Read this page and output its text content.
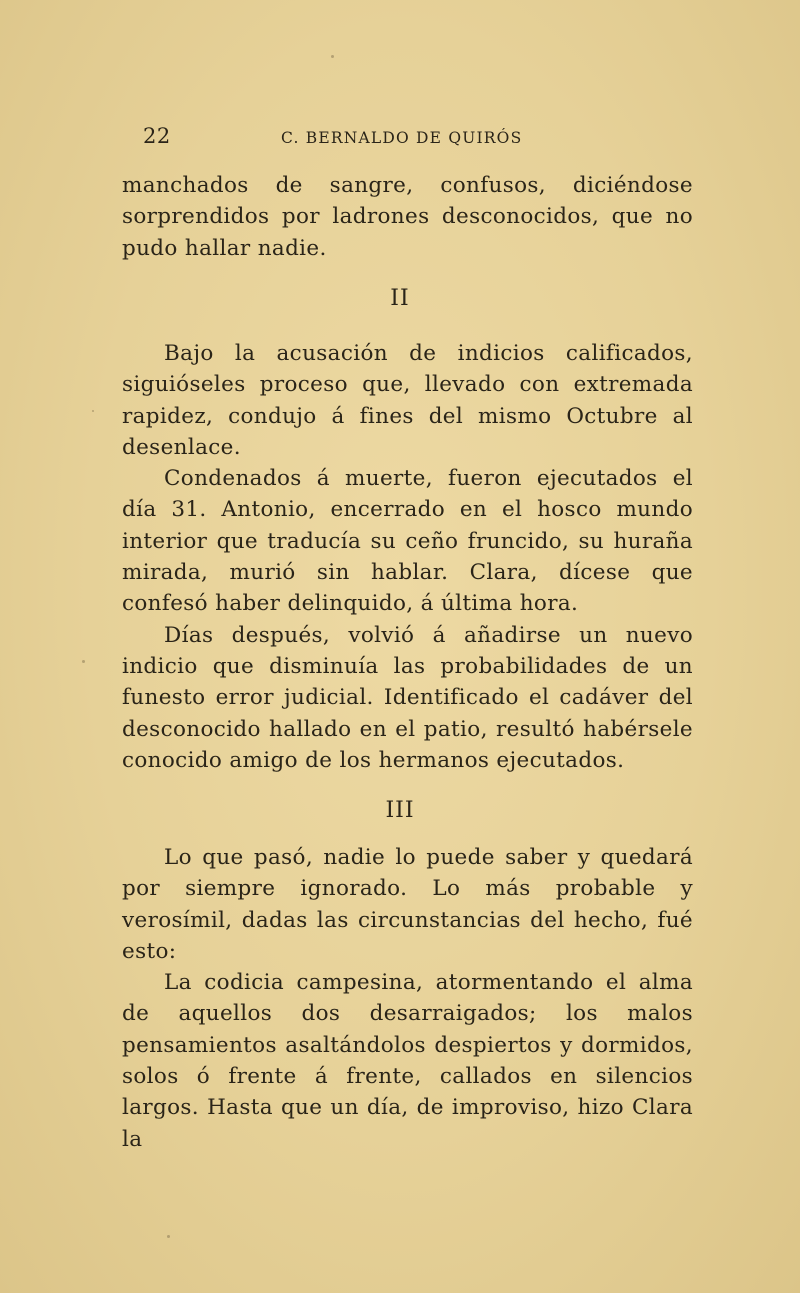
22	C. BERNALDO DE QUIRÓS

manchados de sangre, confusos, diciéndose sorprendidos por ladrones desconocidos, que no pudo hallar nadie.

II

Bajo la acusación de indicios calificados, siguióseles proceso que, llevado con extremada rapidez, condujo á fines del mismo Octubre al desenlace.

Condenados á muerte, fueron ejecutados el día 31. Antonio, encerrado en el hosco mundo interior que traducía su ceño fruncido, su huraña mirada, murió sin hablar. Clara, dícese que confesó haber delinquido, á última hora.

Días después, volvió á añadirse un nuevo indicio que disminuía las probabilidades de un funesto error judicial. Identificado el cadáver del desconocido hallado en el patio, resultó habérsele conocido amigo de los hermanos ejecutados.

III

Lo que pasó, nadie lo puede saber y quedará por siempre ignorado. Lo más probable y verosímil, dadas las circunstancias del hecho, fué esto:

La codicia campesina, atormentando el alma de aquellos dos desarraigados; los malos pensamientos asaltándolos despiertos y dormidos, solos ó frente á frente, callados en silencios largos. Hasta que un día, de improviso, hizo Clara la
